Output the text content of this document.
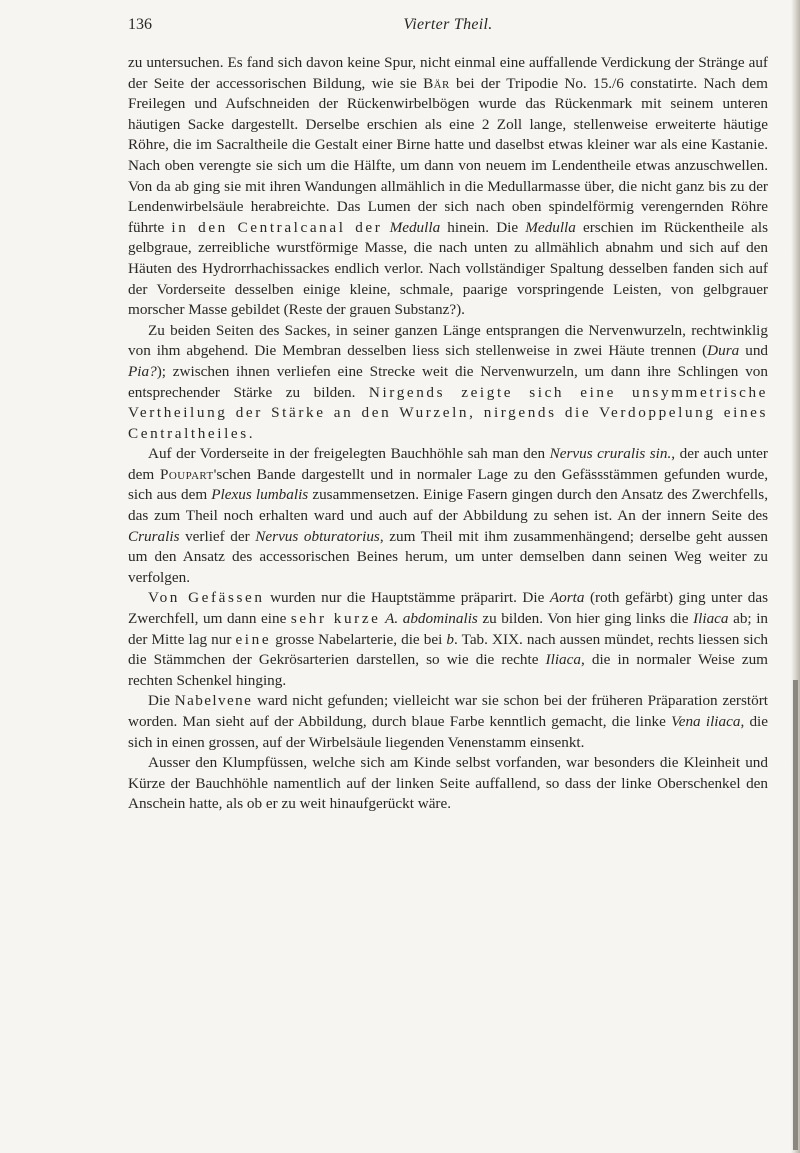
136	Vierter Theil.

zu untersuchen. Es fand sich davon keine Spur, nicht einmal eine auffallende Verdickung der Stränge auf der Seite der accessorischen Bildung, wie sie Bär bei der Tripodie No. 15./6 constatirte. Nach dem Freilegen und Aufschneiden der Rückenwirbelbögen wurde das Rückenmark mit seinem unteren häutigen Sacke dargestellt. Derselbe erschien als eine 2 Zoll lange, stellenweise erweiterte häutige Röhre, die im Sacraltheile die Gestalt einer Birne hatte und daselbst etwas kleiner war als eine Kastanie. Nach oben verengte sie sich um die Hälfte, um dann von neuem im Lendentheile etwas anzuschwellen. Von da ab ging sie mit ihren Wandungen allmählich in die Medullarmasse über, die nicht ganz bis zu der Lendenwirbelsäule herabreichte. Das Lumen der sich nach oben spindelförmig verengernden Röhre führte in den Centralcanal der Medulla hinein. Die Medulla erschien im Rückentheile als gelbgraue, zerreibliche wurstförmige Masse, die nach unten zu allmählich abnahm und sich auf den Häuten des Hydrorrhachissackes endlich verlor. Nach vollständiger Spaltung desselben fanden sich auf der Vorderseite desselben einige kleine, schmale, paarige vorspringende Leisten, von gelbgrauer morscher Masse gebildet (Reste der grauen Substanz?).

Zu beiden Seiten des Sackes, in seiner ganzen Länge entsprangen die Nervenwurzeln, rechtwinklig von ihm abgehend. Die Membran desselben liess sich stellenweise in zwei Häute trennen (Dura und Pia?); zwischen ihnen verliefen eine Strecke weit die Nervenwurzeln, um dann ihre Schlingen von entsprechender Stärke zu bilden. Nirgends zeigte sich eine unsymmetrische Vertheilung der Stärke an den Wurzeln, nirgends die Verdoppelung eines Centraltheiles.

Auf der Vorderseite in der freigelegten Bauchhöhle sah man den Nervus cruralis sin., der auch unter dem Poupart'schen Bande dargestellt und in normaler Lage zu den Gefässstämmen gefunden wurde, sich aus dem Plexus lumbalis zusammensetzen. Einige Fasern gingen durch den Ansatz des Zwerchfells, das zum Theil noch erhalten ward und auch auf der Abbildung zu sehen ist. An der innern Seite des Cruralis verlief der Nervus obturatorius, zum Theil mit ihm zusammenhängend; derselbe geht aussen um den Ansatz des accessorischen Beines herum, um unter demselben dann seinen Weg weiter zu verfolgen.

Von Gefässen wurden nur die Hauptstämme präparirt. Die Aorta (roth gefärbt) ging unter das Zwerchfell, um dann eine sehr kurze A. abdominalis zu bilden. Von hier ging links die Iliaca ab; in der Mitte lag nur eine grosse Nabelarterie, die bei b. Tab. XIX. nach aussen mündet, rechts liessen sich die Stämmchen der Gekrösarterien darstellen, so wie die rechte Iliaca, die in normaler Weise zum rechten Schenkel hinging.

Die Nabelvene ward nicht gefunden; vielleicht war sie schon bei der früheren Präparation zerstört worden. Man sieht auf der Abbildung, durch blaue Farbe kenntlich gemacht, die linke Vena iliaca, die sich in einen grossen, auf der Wirbelsäule liegenden Venenstamm einsenkt.

Ausser den Klumpfüssen, welche sich am Kinde selbst vorfanden, war besonders die Kleinheit und Kürze der Bauchhöhle namentlich auf der linken Seite auffallend, so dass der linke Oberschenkel den Anschein hatte, als ob er zu weit hinaufgerückt wäre.
